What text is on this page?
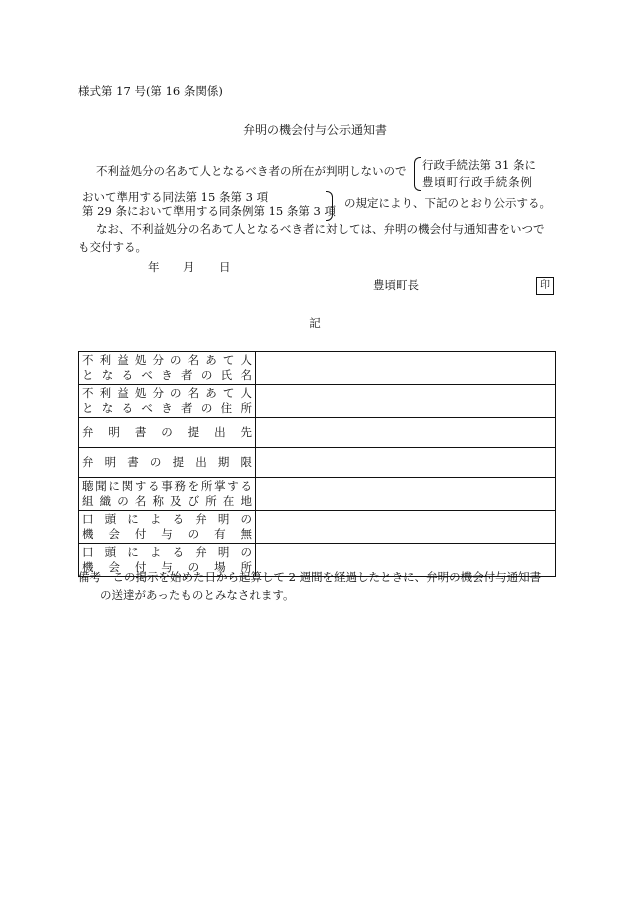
様式第 17 号(第 16 条関係)
弁明の機会付与公示通知書
不利益処分の名あて人となるべき者の所在が判明しないので 行政手続法第 31 条に
豊頃町行政手続条例
おいて準用する同法第 15 条第 3 項
第 29 条において準用する同条例第 15 条第 3 項
の規定により、下記のとおり公示する。
なお、不利益処分の名あて人となるべき者に対しては、弁明の機会付与通知書をいつで
も交付する。
年 月 日
豊頃町長	印
記
不利益処分の名あて人
となるべき者の氏名	

不利益処分の名あて人
となるべき者の住所	

弁明書の提出先	

弁明書の提出期限	

聴聞に関する事務を所掌する
組織の名称及び所在地	

口頭による弁明の
機会付与の有無	

口頭による弁明の
機会付与の場所	

備考　この掲示を始めた日から起算して 2 週間を経過したときに、弁明の機会付与通知書
の送達があったものとみなされます。
